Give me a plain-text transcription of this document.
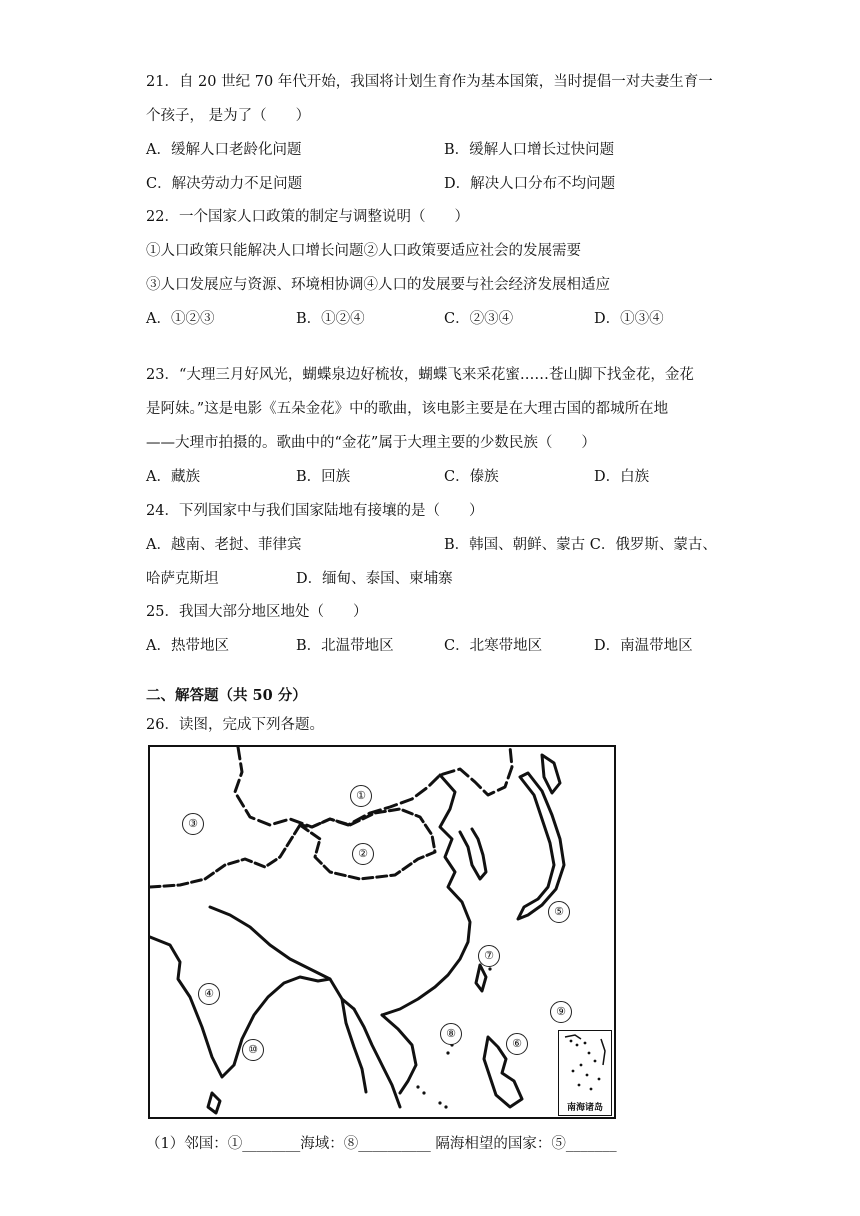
21．自 20 世纪 70 年代开始，我国将计划生育作为基本国策，当时提倡一对夫妻生育一
个孩子， 是为了（　　）
A．缓解人口老龄化问题	B．缓解人口增长过快问题
C．解决劳动力不足问题	D．解决人口分布不均问题
22．一个国家人口政策的制定与调整说明（　　）
①人口政策只能解决人口增长问题②人口政策要适应社会的发展需要
③人口发展应与资源、环境相协调④人口的发展要与社会经济发展相适应
A．①②③	B．①②④	C．②③④	D．①③④
23．“大理三月好风光，蝴蝶泉边好梳妆，蝴蝶飞来采花蜜……苍山脚下找金花，金花
是阿妹。”这是电影《五朵金花》中的歌曲，该电影主要是在大理古国的都城所在地
——大理市拍摄的。歌曲中的“金花”属于大理主要的少数民族（　　）
A．藏族	B．回族	C．傣族	D．白族
24．下列国家中与我们国家陆地有接壤的是（　　）
A．越南、老挝、菲律宾	B．韩国、朝鲜、蒙古 C．俄罗斯、蒙古、
哈萨克斯坦	D．缅甸、泰国、柬埔寨
25．我国大部分地区地处（　　）
A．热带地区	B．北温带地区	C．北寒带地区	D．南温带地区
二、解答题（共 50 分）
26．读图，完成下列各题。
①
②
③
④
⑤
⑥
⑦
⑧
⑨
⑩
南海诸岛
（1）邻国：①________海域：⑧__________ 隔海相望的国家：⑤_______
